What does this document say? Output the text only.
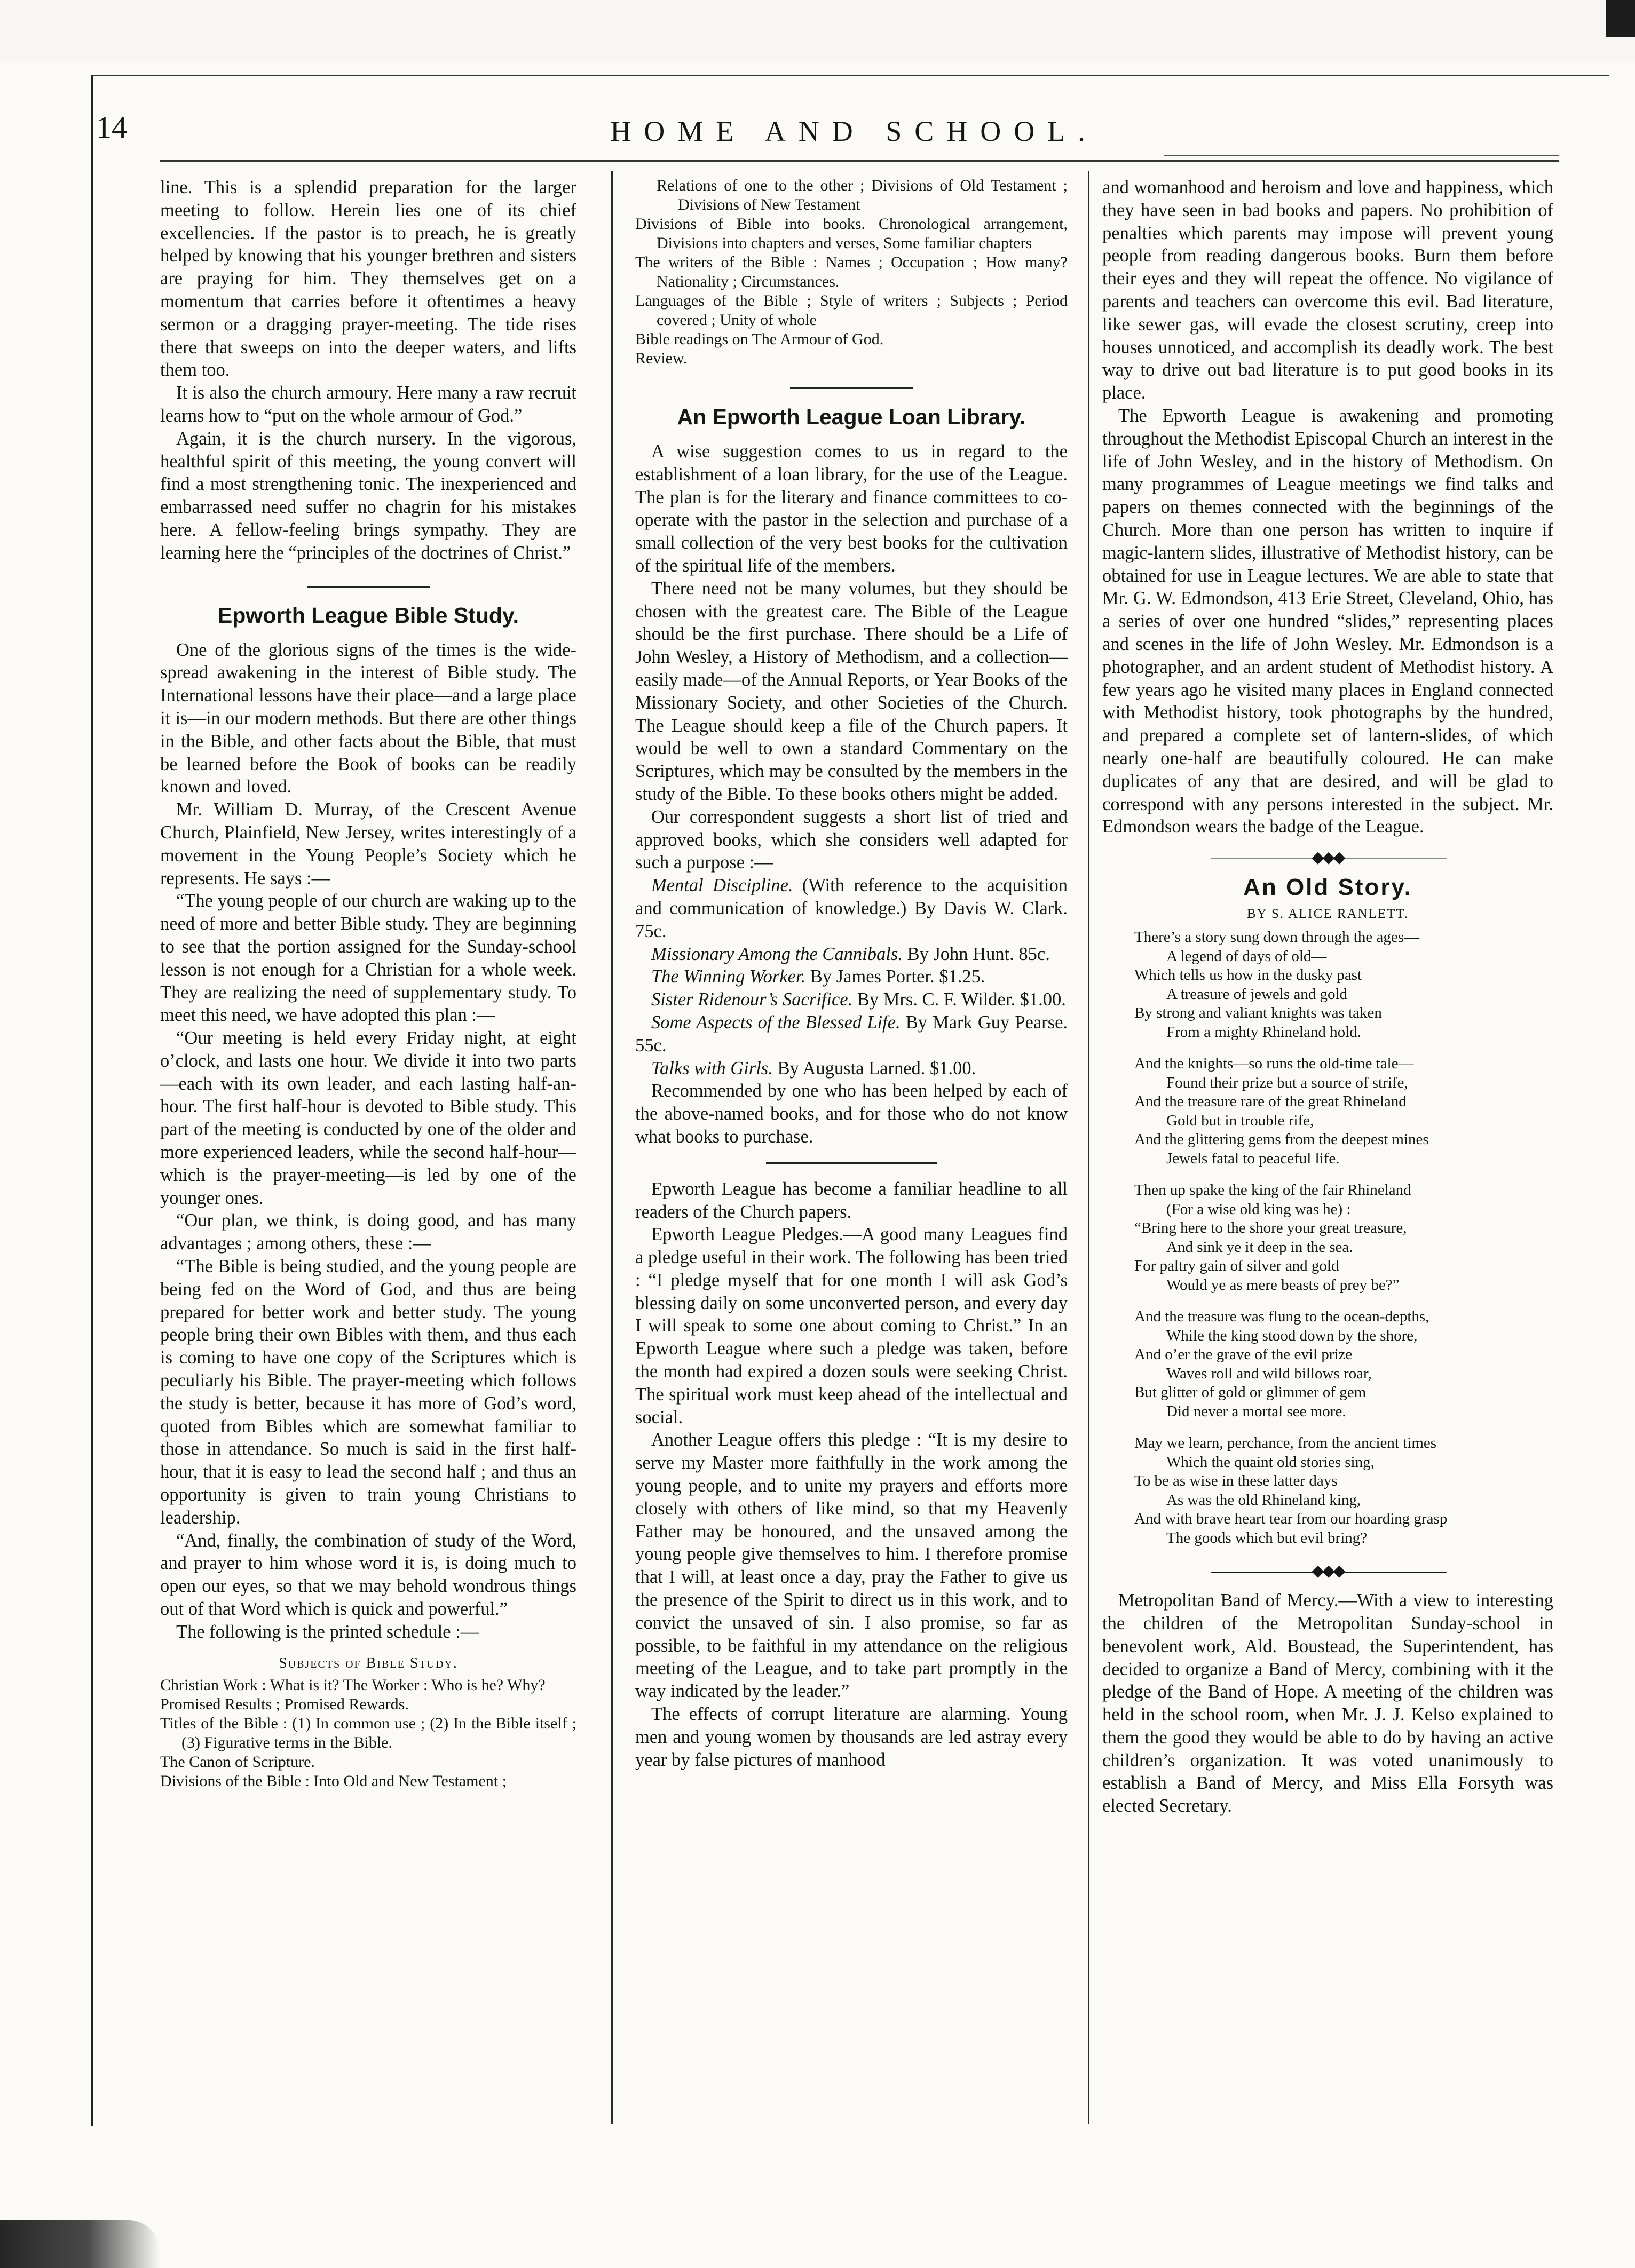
14	HOME AND SCHOOL.

line. This is a splendid preparation for the larger meeting to follow. Herein lies one of its chief excellencies. If the pastor is to preach, he is greatly helped by knowing that his younger brethren and sisters are praying for him. They themselves get on a momentum that carries before it oftentimes a heavy sermon or a dragging prayer-meeting. The tide rises there that sweeps on into the deeper waters, and lifts them too.

It is also the church armoury. Here many a raw recruit learns how to “put on the whole armour of God.”

Again, it is the church nursery. In the vigorous, healthful spirit of this meeting, the young convert will find a most strengthening tonic. The inexperienced and embarrassed need suffer no chagrin for his mistakes here. A fellow-feeling brings sympathy. They are learning here the “principles of the doctrines of Christ.”

Epworth League Bible Study.

One of the glorious signs of the times is the wide-spread awakening in the interest of Bible study. The International lessons have their place—and a large place it is—in our modern methods. But there are other things in the Bible, and other facts about the Bible, that must be learned before the Book of books can be readily known and loved.

Mr. William D. Murray, of the Crescent Avenue Church, Plainfield, New Jersey, writes interestingly of a movement in the Young People’s Society which he represents. He says :—

“The young people of our church are waking up to the need of more and better Bible study. They are beginning to see that the portion assigned for the Sunday-school lesson is not enough for a Christian for a whole week. They are realizing the need of supplementary study. To meet this need, we have adopted this plan :—

“Our meeting is held every Friday night, at eight o’clock, and lasts one hour. We divide it into two parts—each with its own leader, and each lasting half-an-hour. The first half-hour is devoted to Bible study. This part of the meeting is conducted by one of the older and more experienced leaders, while the second half-hour—which is the prayer-meeting—is led by one of the younger ones.

“Our plan, we think, is doing good, and has many advantages ; among others, these :—

“The Bible is being studied, and the young people are being fed on the Word of God, and thus are being prepared for better work and better study. The young people bring their own Bibles with them, and thus each is coming to have one copy of the Scriptures which is peculiarly his Bible. The prayer-meeting which follows the study is better, because it has more of God’s word, quoted from Bibles which are somewhat familiar to those in attendance. So much is said in the first half-hour, that it is easy to lead the second half ; and thus an opportunity is given to train young Christians to leadership.

“And, finally, the combination of study of the Word, and prayer to him whose word it is, is doing much to open our eyes, so that we may behold wondrous things out of that Word which is quick and powerful.”

The following is the printed schedule :—

Subjects of Bible Study.

Christian Work : What is it? The Worker : Who is he? Why?

Promised Results ; Promised Rewards.

Titles of the Bible : (1) In common use ; (2) In the Bible itself ; (3) Figurative terms in the Bible.

The Canon of Scripture.

Divisions of the Bible : Into Old and New Testament ;

Relations of one to the other ; Divisions of Old Testament ; Divisions of New Testament

Divisions of Bible into books. Chronological arrangement, Divisions into chapters and verses, Some familiar chapters

The writers of the Bible : Names ; Occupation ; How many? Nationality ; Circumstances.

Languages of the Bible ; Style of writers ; Subjects ; Period covered ; Unity of whole

Bible readings on The Armour of God.

Review.

An Epworth League Loan Library.

A wise suggestion comes to us in regard to the establishment of a loan library, for the use of the League. The plan is for the literary and finance committees to co-operate with the pastor in the selection and purchase of a small collection of the very best books for the cultivation of the spiritual life of the members.

There need not be many volumes, but they should be chosen with the greatest care. The Bible of the League should be the first purchase. There should be a Life of John Wesley, a History of Methodism, and a collection—easily made—of the Annual Reports, or Year Books of the Missionary Society, and other Societies of the Church. The League should keep a file of the Church papers. It would be well to own a standard Commentary on the Scriptures, which may be consulted by the members in the study of the Bible. To these books others might be added.

Our correspondent suggests a short list of tried and approved books, which she considers well adapted for such a purpose :—

Mental Discipline. (With reference to the acquisition and communication of knowledge.) By Davis W. Clark. 75c.

Missionary Among the Cannibals. By John Hunt. 85c.

The Winning Worker. By James Porter. $1.25.

Sister Ridenour’s Sacrifice. By Mrs. C. F. Wilder. $1.00.

Some Aspects of the Blessed Life. By Mark Guy Pearse. 55c.

Talks with Girls. By Augusta Larned. $1.00.

Recommended by one who has been helped by each of the above-named books, and for those who do not know what books to purchase.

Epworth League has become a familiar headline to all readers of the Church papers.

Epworth League Pledges.—A good many Leagues find a pledge useful in their work. The following has been tried : “I pledge myself that for one month I will ask God’s blessing daily on some unconverted person, and every day I will speak to some one about coming to Christ.” In an Epworth League where such a pledge was taken, before the month had expired a dozen souls were seeking Christ. The spiritual work must keep ahead of the intellectual and social.

Another League offers this pledge : “It is my desire to serve my Master more faithfully in the work among the young people, and to unite my prayers and efforts more closely with others of like mind, so that my Heavenly Father may be honoured, and the unsaved among the young people give themselves to him. I therefore promise that I will, at least once a day, pray the Father to give us the presence of the Spirit to direct us in this work, and to convict the unsaved of sin. I also promise, so far as possible, to be faithful in my attendance on the religious meeting of the League, and to take part promptly in the way indicated by the leader.”

The effects of corrupt literature are alarming. Young men and young women by thousands are led astray every year by false pictures of manhood

and womanhood and heroism and love and happiness, which they have seen in bad books and papers. No prohibition of penalties which parents may impose will prevent young people from reading dangerous books. Burn them before their eyes and they will repeat the offence. No vigilance of parents and teachers can overcome this evil. Bad literature, like sewer gas, will evade the closest scrutiny, creep into houses unnoticed, and accomplish its deadly work. The best way to drive out bad literature is to put good books in its place.

The Epworth League is awakening and promoting throughout the Methodist Episcopal Church an interest in the life of John Wesley, and in the history of Methodism. On many programmes of League meetings we find talks and papers on themes connected with the beginnings of the Church. More than one person has written to inquire if magic-lantern slides, illustrative of Methodist history, can be obtained for use in League lectures. We are able to state that Mr. G. W. Edmondson, 413 Erie Street, Cleveland, Ohio, has a series of over one hundred “slides,” representing places and scenes in the life of John Wesley. Mr. Edmondson is a photographer, and an ardent student of Methodist history. A few years ago he visited many places in England connected with Methodist history, took photographs by the hundred, and prepared a complete set of lantern-slides, of which nearly one-half are beautifully coloured. He can make duplicates of any that are desired, and will be glad to correspond with any persons interested in the subject. Mr. Edmondson wears the badge of the League.

———————◆◆◆———————
An Old Story.
BY S. ALICE RANLETT.
There’s a story sung down through the ages—
A legend of days of old—
Which tells us how in the dusky past
A treasure of jewels and gold
By strong and valiant knights was taken
From a mighty Rhineland hold.
And the knights—so runs the old-time tale—
Found their prize but a source of strife,
And the treasure rare of the great Rhineland
Gold but in trouble rife,
And the glittering gems from the deepest mines
Jewels fatal to peaceful life.
Then up spake the king of the fair Rhineland
(For a wise old king was he) :
“Bring here to the shore your great treasure,
And sink ye it deep in the sea.
For paltry gain of silver and gold
Would ye as mere beasts of prey be?”
And the treasure was flung to the ocean-depths,
While the king stood down by the shore,
And o’er the grave of the evil prize
Waves roll and wild billows roar,
But glitter of gold or glimmer of gem
Did never a mortal see more.
May we learn, perchance, from the ancient times
Which the quaint old stories sing,
To be as wise in these latter days
As was the old Rhineland king,
And with brave heart tear from our hoarding grasp
The goods which but evil bring?
———————◆◆◆———————

Metropolitan Band of Mercy.—With a view to interesting the children of the Metropolitan Sunday-school in benevolent work, Ald. Boustead, the Superintendent, has decided to organize a Band of Mercy, combining with it the pledge of the Band of Hope. A meeting of the children was held in the school room, when Mr. J. J. Kelso explained to them the good they would be able to do by having an active children’s organization. It was voted unanimously to establish a Band of Mercy, and Miss Ella Forsyth was elected Secretary.
